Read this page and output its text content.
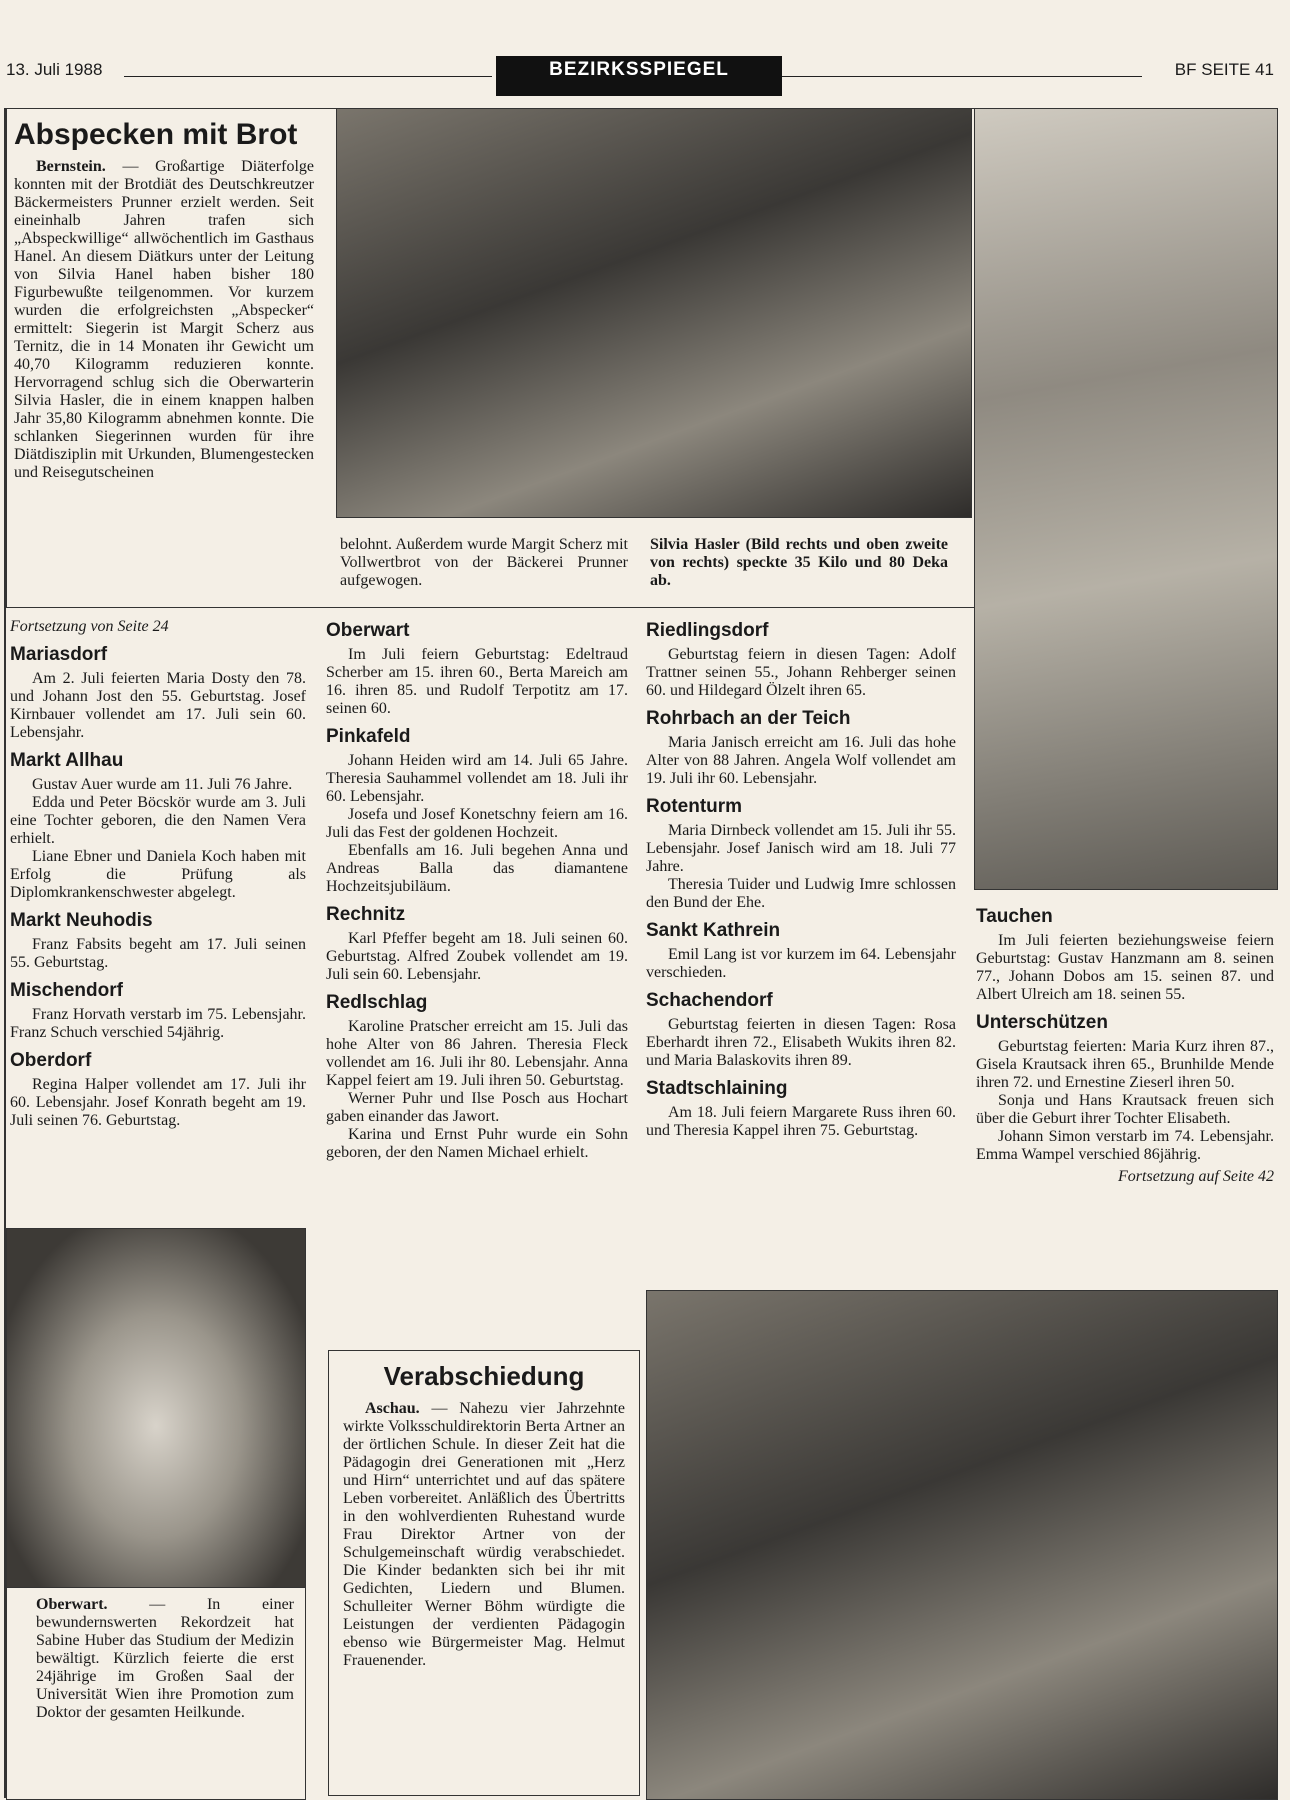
13. Juli 1988	BEZIRKSSPIEGEL	BF SEITE 41
Abspecken mit Brot

Bernstein. — Großartige Diäterfolge konnten mit der Brotdiät des Deutschkreutzer Bäckermeisters Prunner erzielt werden. Seit eineinhalb Jahren trafen sich „Abspeckwillige“ allwöchentlich im Gasthaus Hanel. An diesem Diätkurs unter der Leitung von Silvia Hanel haben bisher 180 Figurbewußte teilgenommen. Vor kurzem wurden die erfolgreichsten „Abspecker“ ermittelt: Siegerin ist Margit Scherz aus Ternitz, die in 14 Monaten ihr Gewicht um 40,70 Kilogramm reduzieren konnte. Hervorragend schlug sich die Oberwarterin Silvia Hasler, die in einem knappen halben Jahr 35,80 Kilogramm abnehmen konnte. Die schlanken Siegerinnen wurden für ihre Diätdisziplin mit Urkunden, Blumengestecken und Reisegutscheinen

belohnt. Außerdem wurde Margit Scherz mit Vollwertbrot von der Bäckerei Prunner aufgewogen.

Silvia Hasler (Bild rechts und oben zweite von rechts) speckte 35 Kilo und 80 Deka ab.
Fortsetzung von Seite 24
Mariasdorf

Am 2. Juli feierten Maria Dosty den 78. und Johann Jost den 55. Geburtstag. Josef Kirnbauer vollendet am 17. Juli sein 60. Lebensjahr.

Markt Allhau

Gustav Auer wurde am 11. Juli 76 Jahre.

Edda und Peter Böcskör wurde am 3. Juli eine Tochter geboren, die den Namen Vera erhielt.

Liane Ebner und Daniela Koch haben mit Erfolg die Prüfung als Diplomkrankenschwester abgelegt.

Markt Neuhodis

Franz Fabsits begeht am 17. Juli seinen 55. Geburtstag.

Mischendorf

Franz Horvath verstarb im 75. Lebensjahr. Franz Schuch verschied 54jährig.

Oberdorf

Regina Halper vollendet am 17. Juli ihr 60. Lebensjahr. Josef Konrath begeht am 19. Juli seinen 76. Geburtstag.

Oberwart

Im Juli feiern Geburtstag: Edeltraud Scherber am 15. ihren 60., Berta Mareich am 16. ihren 85. und Rudolf Terpotitz am 17. seinen 60.

Pinkafeld

Johann Heiden wird am 14. Juli 65 Jahre. Theresia Sauhammel vollendet am 18. Juli ihr 60. Lebensjahr.

Josefa und Josef Konetschny feiern am 16. Juli das Fest der goldenen Hochzeit.

Ebenfalls am 16. Juli begehen Anna und Andreas Balla das diamantene Hochzeitsjubiläum.

Rechnitz

Karl Pfeffer begeht am 18. Juli seinen 60. Geburtstag. Alfred Zoubek vollendet am 19. Juli sein 60. Lebensjahr.

Redlschlag

Karoline Pratscher erreicht am 15. Juli das hohe Alter von 86 Jahren. Theresia Fleck vollendet am 16. Juli ihr 80. Lebensjahr. Anna Kappel feiert am 19. Juli ihren 50. Geburtstag.

Werner Puhr und Ilse Posch aus Hochart gaben einander das Jawort.

Karina und Ernst Puhr wurde ein Sohn geboren, der den Namen Michael erhielt.

Riedlingsdorf

Geburtstag feiern in diesen Tagen: Adolf Trattner seinen 55., Johann Rehberger seinen 60. und Hildegard Ölzelt ihren 65.

Rohrbach an der Teich

Maria Janisch erreicht am 16. Juli das hohe Alter von 88 Jahren. Angela Wolf vollendet am 19. Juli ihr 60. Lebensjahr.

Rotenturm

Maria Dirnbeck vollendet am 15. Juli ihr 55. Lebensjahr. Josef Janisch wird am 18. Juli 77 Jahre.

Theresia Tuider und Ludwig Imre schlossen den Bund der Ehe.

Sankt Kathrein

Emil Lang ist vor kurzem im 64. Lebensjahr verschieden.

Schachendorf

Geburtstag feierten in diesen Tagen: Rosa Eberhardt ihren 72., Elisabeth Wukits ihren 82. und Maria Balaskovits ihren 89.

Stadtschlaining

Am 18. Juli feiern Margarete Russ ihren 60. und Theresia Kappel ihren 75. Geburtstag.

Tauchen

Im Juli feierten beziehungsweise feiern Geburtstag: Gustav Hanzmann am 8. seinen 77., Johann Dobos am 15. seinen 87. und Albert Ulreich am 18. seinen 55.

Unterschützen

Geburtstag feierten: Maria Kurz ihren 87., Gisela Krautsack ihren 65., Brunhilde Mende ihren 72. und Ernestine Zieserl ihren 50.

Sonja und Hans Krautsack freuen sich über die Geburt ihrer Tochter Elisabeth.

Johann Simon verstarb im 74. Lebensjahr. Emma Wampel verschied 86jährig.

Fortsetzung auf Seite 42

Oberwart.	— In einer bewundernswerten Rekordzeit hat Sabine Huber das Studium der Medizin bewältigt. Kürzlich feierte die erst 24jährige im Großen Saal der Universität Wien ihre Promotion zum Doktor der gesamten Heilkunde.

Verabschiedung

Aschau. — Nahezu vier Jahrzehnte wirkte Volksschuldirektorin Berta Artner an der örtlichen Schule. In dieser Zeit hat die Pädagogin drei Generationen mit „Herz und Hirn“ unterrichtet und auf das spätere Leben vorbereitet. Anläßlich des Übertritts in den wohlverdienten Ruhestand wurde Frau Direktor Artner von der Schulgemeinschaft würdig verabschiedet. Die Kinder bedankten sich bei ihr mit Gedichten, Liedern und Blumen. Schulleiter Werner Böhm würdigte die Leistungen der verdienten Pädagogin ebenso wie Bürgermeister Mag. Helmut Frauenender.
